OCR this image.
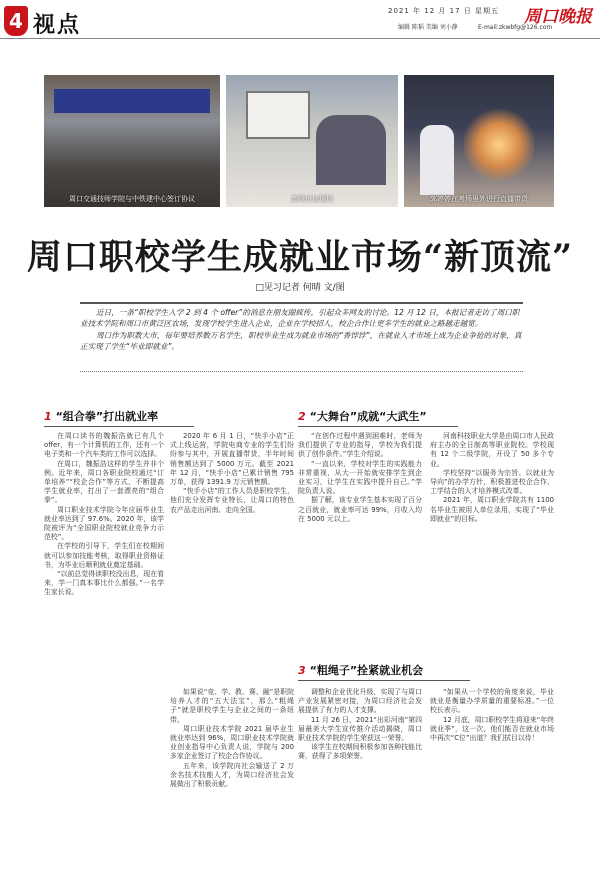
4 视点
2021 年 12 月 17 日 星期五
编辑 陈韬 美编 刘小静
周口晚报
E-mail:zkwbfg@126.com
周口交通技师学院与中铁建中心签订协议	高峰论坛现场	郭婷婷在考场里外进行直播带货
周口职校学生成就业市场“新顶流”
□见习记者 何晴 文/图

近日，一条“职校学生入学 2 到 4 个 offer”的消息在朋友圈疯传，引起众多网友的讨论。12 月 12 日，本报记者走访了周口职业技术学院和周口市黄泛区农场，发现学校学生进入企业，企业在学校招人，校企合作让更多学生的就业之路越走越宽。

周口作为职教大市，每年要培养数万名学生，职校毕业生成为就业市场的“香饽饽”，在就业人才市场上成为企业争抢的对象，真正实现了学生“毕业即就业”。

1 “组合拳”打出就业率	2 “大舞台”成就“大武生”
3 “粗绳子”拴紧就业机会

在周口读书的魏振浩就已有几个 offer，有一个计算机的工作，还有一个电子类和一个汽车类的工作可以选择。

在周口，魏振浩这样的学生并非个例。近年来，周口各职业院校通过“订单培养”“校企合作”等方式，不断提高学生就业率，打出了一套漂亮的“组合拳”。

周口职业技术学院今年应届毕业生就业率达到了 97.6%。2020 年，该学院被评为“全国职业院校就业竞争力示范校”。

在学校的引导下，学生们在校期间就可以参加技能考核，取得职业资格证书，为毕业后顺利就业奠定基础。

“以前总觉得读职校没出息，现在看来，学一门真本事比什么都强。”一名学生家长说。

2020 年 6 月 1 日，“快手小店”正式上线运营，学院电商专业的学生们纷纷参与其中，开展直播带货，半年时间销售额达到了 5000 万元。截至 2021 年 12 月，“快手小店”已累计销售 795 万单，获得 1391.9 万元销售额。

“快手小店”的工作人员是职校学生，他们充分发挥专业特长，让周口的特色农产品走出河南、走向全国。

“在创作过程中遇到困难时，老师为我们提供了专业的指导，学校为我们提供了创作条件。”学生介绍说。

“一直以来，学校对学生的实践能力非常重视，从大一开始就安排学生到企业实习，让学生在实践中提升自己。”学院负责人说。

据了解，该专业学生基本实现了百分之百就业，就业率可达 99%，月收入均在 5000 元以上。

河南科技职业大学是由周口市人民政府主办的全日制高等职业院校。学校现有 12 个二级学院，开设了 50 多个专业。

学校坚持“以服务为宗旨、以就业为导向”的办学方针，积极推进校企合作、工学结合的人才培养模式改革。

2021 年，周口职业学院共有 1100 名毕业生被用人单位录用，实现了“毕业即就业”的目标。

如果说“竞、学、教、赛、融”是职院培养人才的“五大法宝”，那么“粗绳子”就是职校学生与企业之间的一条纽带。

周口职业技术学院 2021 届毕业生就业率达到 96%，周口职业技术学院就业创业指导中心负责人说，学院与 200 多家企业签订了校企合作协议。

五年来，该学院向社会输送了 2 万余名技术技能人才，为周口经济社会发展做出了积极贡献。

调整和企业优化升级，实现了与周口产业发展紧密对接，为周口经济社会发展提供了有力的人才支撑。

11 月 26 日，2021“出彩河南”第四届最美大学生宣传推介活动揭晓，周口职业技术学院的学生荣获这一荣誉。

该学生在校期间积极参加各种技能比赛，获得了多项荣誉。

“如果从一个学校的角度来说，毕业就业是衡量办学质量的重要标准。”一位校长表示。

12 月底，周口职校学生将迎来“年终就业季”，这一次，他们能否在就业市场中再次“C位”出道？我们拭目以待！
